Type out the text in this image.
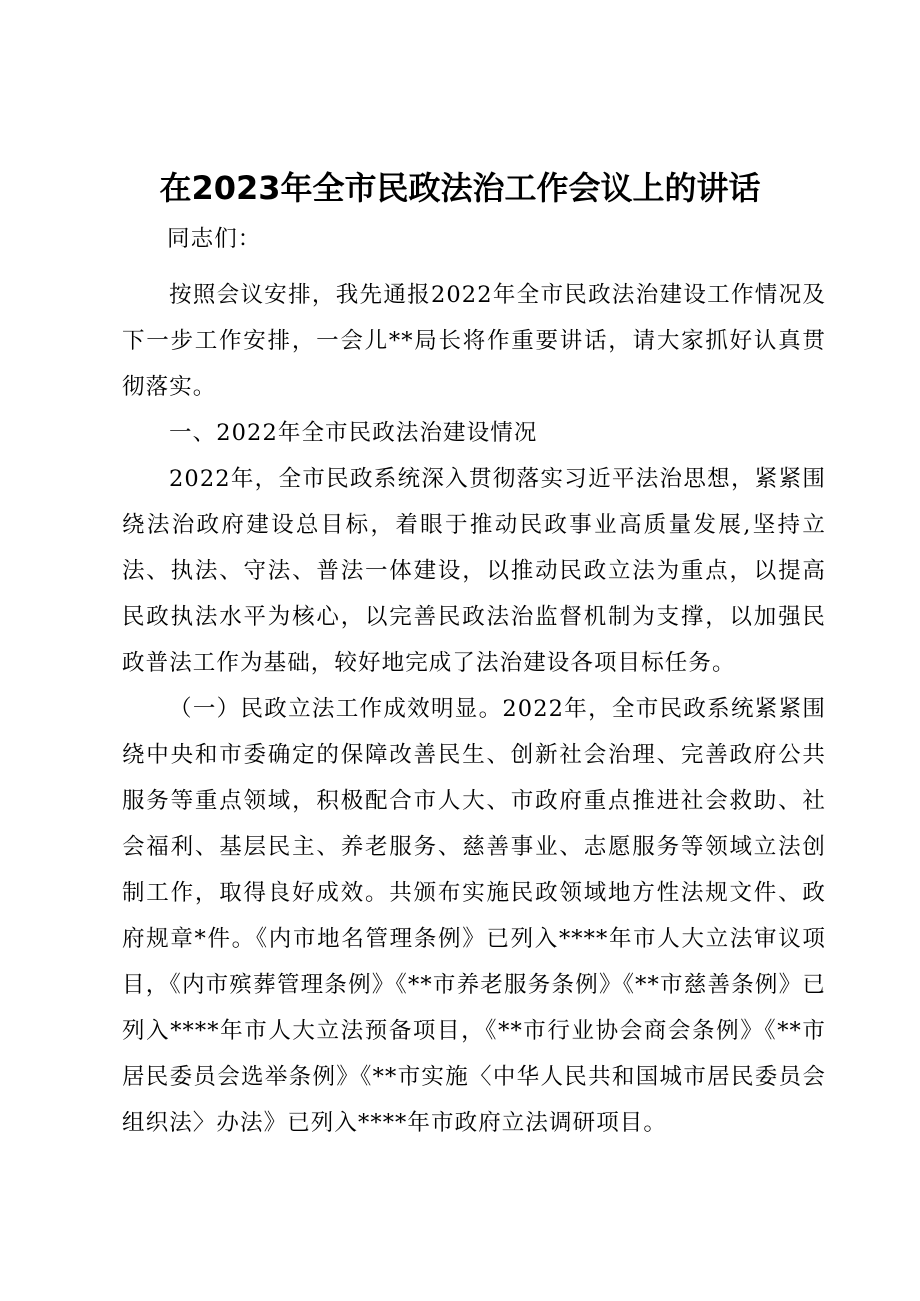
在2023年全市民政法治工作会议上的讲话

同志们：

按照会议安排，我先通报2022年全市民政法治建设工作情况及下一步工作安排，一会儿**局长将作重要讲话，请大家抓好认真贯彻落实。

一、2022年全市民政法治建设情况

2022年，全市民政系统深入贯彻落实习近平法治思想，紧紧围绕法治政府建设总目标，着眼于推动民政事业高质量发展,坚持立法、执法、守法、普法一体建设，以推动民政立法为重点，以提高民政执法水平为核心，以完善民政法治监督机制为支撑，以加强民政普法工作为基础，较好地完成了法治建设各项目标任务。

（一）民政立法工作成效明显。2022年，全市民政系统紧紧围绕中央和市委确定的保障改善民生、创新社会治理、完善政府公共服务等重点领域，积极配合市人大、市政府重点推进社会救助、社会福利、基层民主、养老服务、慈善事业、志愿服务等领域立法创制工作，取得良好成效。共颁布实施民政领域地方性法规文件、政府规章*件。《内市地名管理条例》已列入****年市人大立法审议项目，《内市殡葬管理条例》《**市养老服务条例》《**市慈善条例》已列入****年市人大立法预备项目，《**市行业协会商会条例》《**市居民委员会选举条例》《**市实施〈中华人民共和国城市居民委员会组织法〉办法》已列入****年市政府立法调研项目。
